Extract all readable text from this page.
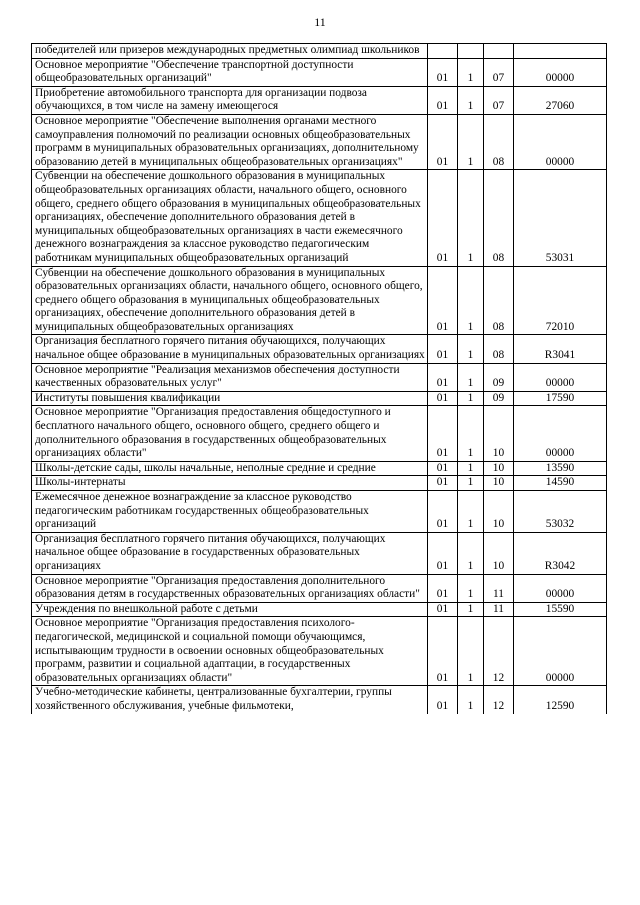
11
победителей или призеров международных предметных олимпиад школьников				
Основное мероприятие "Обеспечение транспортной доступности общеобразовательных организаций"	01	1	07	00000
Приобретение автомобильного транспорта для организации подвоза обучающихся, в том числе на замену имеющегося	01	1	07	27060
Основное мероприятие "Обеспечение выполнения органами местного самоуправления полномочий по реализации основных общеобразовательных программ в муниципальных образовательных организациях, дополнительному образованию детей в муниципальных общеобразовательных организациях"	01	1	08	00000
Субвенции на обеспечение дошкольного образования в муниципальных общеобразовательных организациях области, начального общего, основного общего, среднего общего образования в муниципальных общеобразовательных организациях, обеспечение дополнительного образования детей в муниципальных общеобразовательных организациях в части ежемесячного денежного вознаграждения за классное руководство педагогическим работникам муниципальных общеобразовательных организаций	01	1	08	53031
Субвенции на обеспечение дошкольного образования в муниципальных образовательных организациях области, начального общего, основного общего, среднего общего образования в муниципальных общеобразовательных организациях, обеспечение дополнительного образования детей в муниципальных общеобразовательных организациях	01	1	08	72010
Организация бесплатного горячего питания обучающихся, получающих начальное общее образование в муниципальных образовательных организациях	01	1	08	R3041
Основное мероприятие "Реализация механизмов обеспечения доступности качественных образовательных услуг"	01	1	09	00000
Институты повышения квалификации	01	1	09	17590
Основное мероприятие "Организация предоставления общедоступного и бесплатного начального общего, основного общего, среднего общего и дополнительного образования в государственных общеобразовательных организациях области"	01	1	10	00000
Школы-детские сады, школы начальные, неполные средние и средние	01	1	10	13590
Школы-интернаты	01	1	10	14590
Ежемесячное денежное вознаграждение за классное руководство педагогическим работникам государственных общеобразовательных организаций	01	1	10	53032
Организация бесплатного горячего питания обучающихся, получающих начальное общее образование в государственных образовательных организациях	01	1	10	R3042
Основное мероприятие "Организация предоставления дополнительного образования детям в государственных образовательных организациях области"	01	1	11	00000
Учреждения по внешкольной работе с детьми	01	1	11	15590
Основное мероприятие "Организация предоставления психолого-педагогической, медицинской и социальной помощи обучающимся, испытывающим трудности в освоении основных общеобразовательных программ, развитии и социальной адаптации, в государственных образовательных организациях области"	01	1	12	00000
Учебно-методические кабинеты, централизованные бухгалтерии, группы хозяйственного обслуживания, учебные фильмотеки,	01	1	12	12590
